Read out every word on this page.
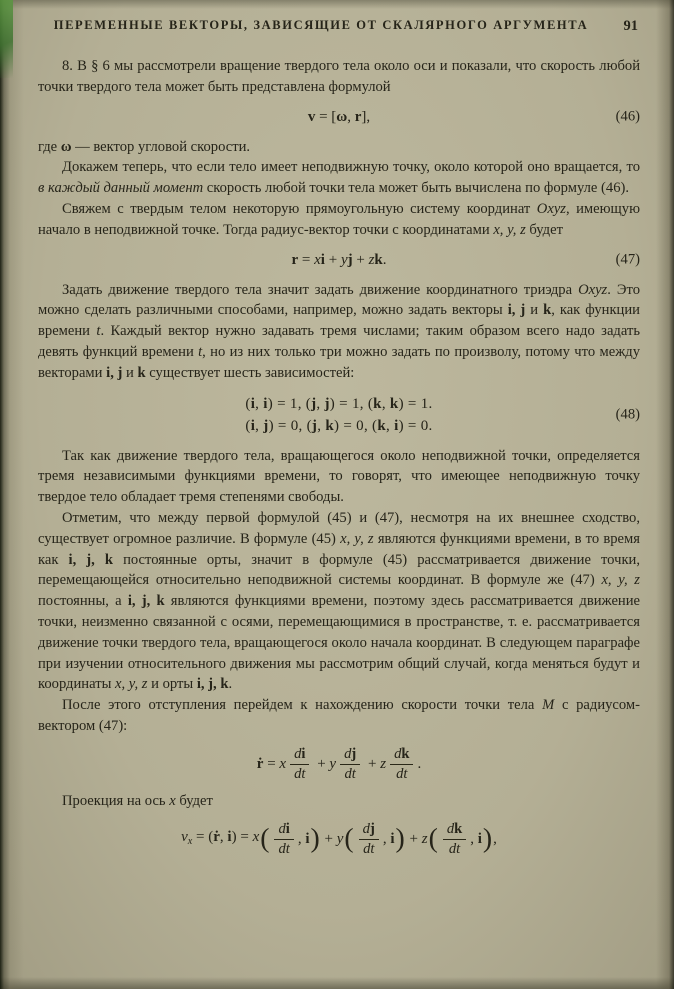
ПЕРЕМЕННЫЕ ВЕКТОРЫ, ЗАВИСЯЩИЕ ОТ СКАЛЯРНОГО АРГУМЕНТА	91

8. В § 6 мы рассмотрели вращение твердого тела около оси и показали, что скорость любой точки твердого тела может быть представлена формулой

v = [ω, r],	(46)

где ω — вектор угловой скорости.

Докажем теперь, что если тело имеет неподвижную точку, около которой оно вращается, то в каждый данный момент скорость любой точки тела может быть вычислена по формуле (46).

Свяжем с твердым телом некоторую прямоугольную систему координат Oxyz, имеющую начало в неподвижной точке. Тогда радиус-вектор точки с координатами x, y, z будет

r = xi + yj + zk.	(47)

Задать движение твердого тела значит задать движение координатного триэдра Oxyz. Это можно сделать различными способами, например, можно задать векторы i, j и k, как функции времени t. Каждый вектор нужно задавать тремя числами; таким образом всего надо задать девять функций времени t, но из них только три можно задать по произволу, потому что между векторами i, j и k существует шесть зависимостей:

(i, i) = 1, (j, j) = 1, (k, k) = 1.
(i, j) = 0, (j, k) = 0, (k, i) = 0.
(48)

Так как движение твердого тела, вращающегося около неподвижной точки, определяется тремя независимыми функциями времени, то говорят, что имеющее неподвижную точку твердое тело обладает тремя степенями свободы.

Отметим, что между первой формулой (45) и (47), несмотря на их внешнее сходство, существует огромное различие. В формуле (45) x, y, z являются функциями времени, в то время как i, j, k постоянные орты, значит в формуле (45) рассматривается движение точки, перемещающейся относительно неподвижной системы координат. В формуле же (47) x, y, z постоянны, а i, j, k являются функциями времени, поэтому здесь рассматривается движение точки, неизменно связанной с осями, перемещающимися в пространстве, т. е. рассматривается движение точки твердого тела, вращающегося около начала координат. В следующем параграфе при изучении относительного движения мы рассмотрим общий случай, когда меняться будут и координаты x, y, z и орты i, j, k.

После этого отступления перейдем к нахождению скорости точки тела M с радиусом-вектором (47):

ṙ = x $\frac{di}{dt} + y \frac{dj}{dt} + z \frac{dk}{dt}$ .

Проекция на ось x будет

vx = (ṙ, i) = x ( $\frac{di}{dt}$ , i ) + y ( $\frac{dj}{dt}$ , i ) + z ( $\frac{dk}{dt}$ , i ) ,
